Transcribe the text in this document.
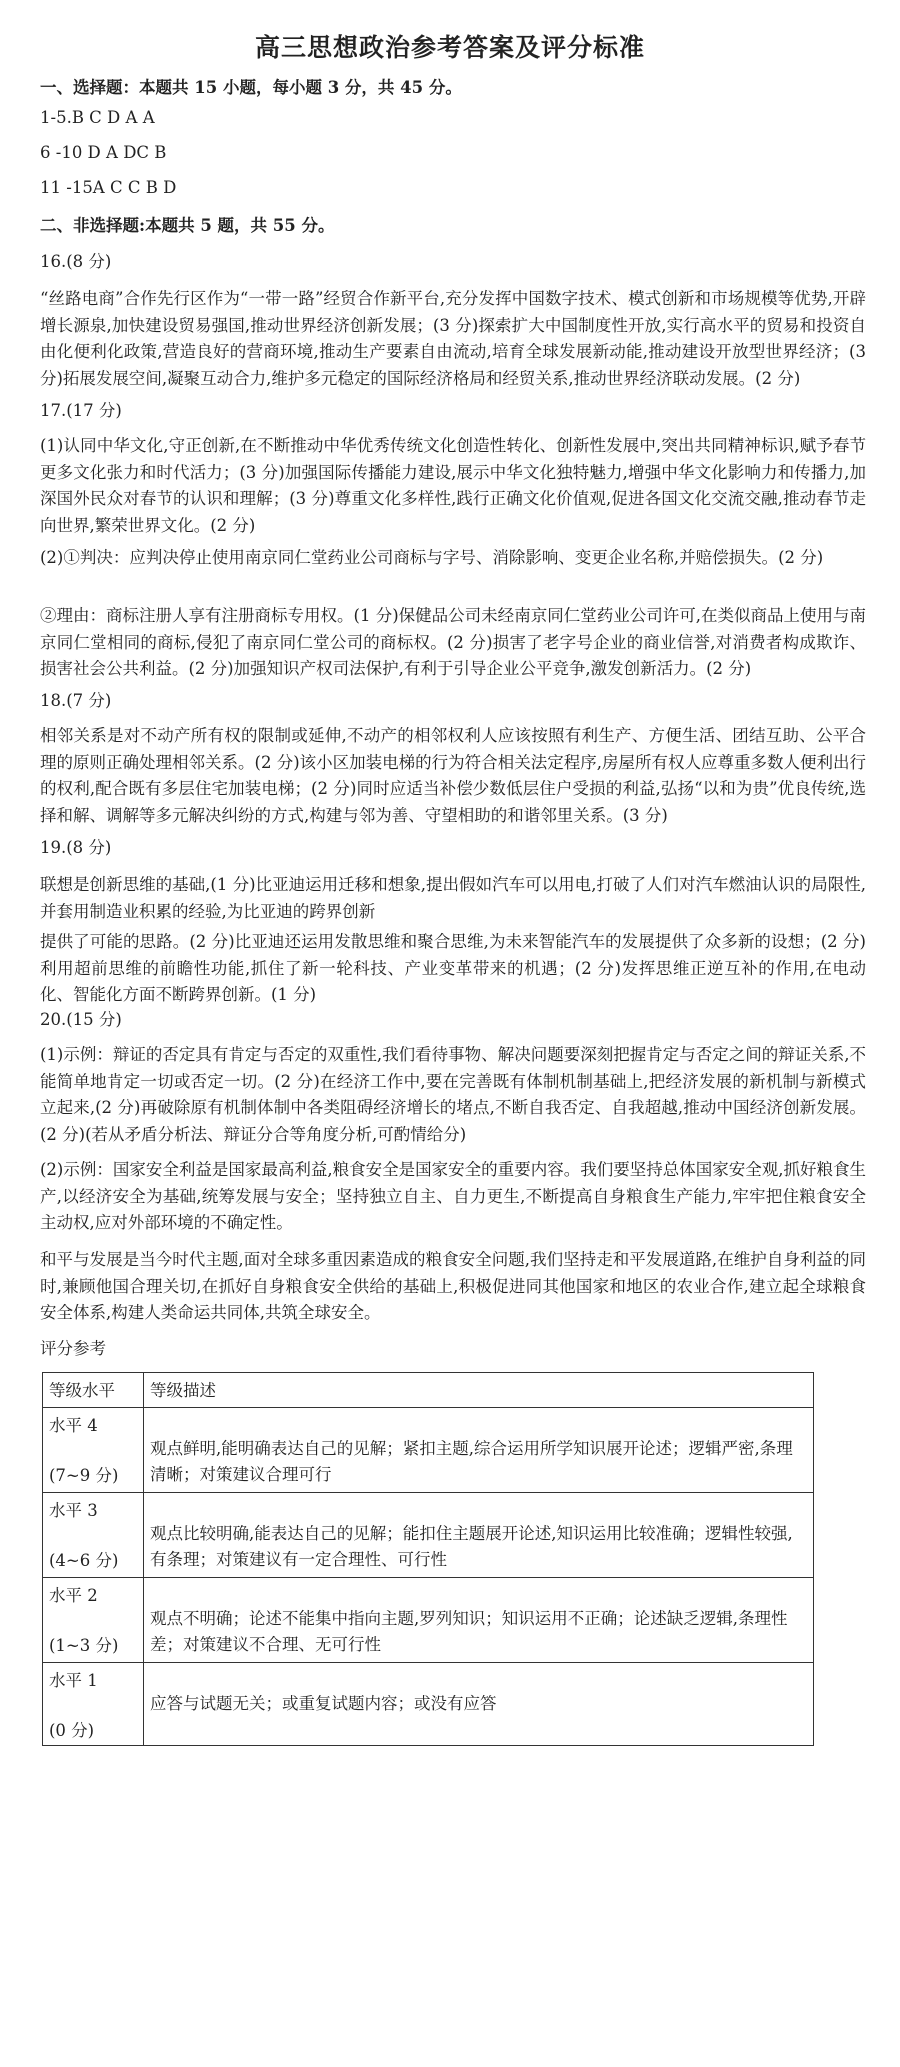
高三思想政治参考答案及评分标准
一、选择题：本题共 15 小题，每小题 3 分，共 45 分。
1-5.B C D A A
6 -10 D A DC B
11 -15A C C B D
二、非选择题:本题共 5 题，共 55 分。
16.(8 分)
“丝路电商”合作先行区作为“一带一路”经贸合作新平台,充分发挥中国数字技术、模式创新和市场规模等优势,开辟增长源泉,加快建设贸易强国,推动世界经济创新发展；(3 分)探索扩大中国制度性开放,实行高水平的贸易和投资自由化便利化政策,营造良好的营商环境,推动生产要素自由流动,培育全球发展新动能,推动建设开放型世界经济；(3 分)拓展发展空间,凝聚互动合力,维护多元稳定的国际经济格局和经贸关系,推动世界经济联动发展。(2 分)
17.(17 分)
(1)认同中华文化,守正创新,在不断推动中华优秀传统文化创造性转化、创新性发展中,突出共同精神标识,赋予春节更多文化张力和时代活力；(3 分)加强国际传播能力建设,展示中华文化独特魅力,增强中华文化影响力和传播力,加深国外民众对春节的认识和理解；(3 分)尊重文化多样性,践行正确文化价值观,促进各国文化交流交融,推动春节走向世界,繁荣世界文化。(2 分)
(2)①判决：应判决停止使用南京同仁堂药业公司商标与字号、消除影响、变更企业名称,并赔偿损失。(2 分)
②理由：商标注册人享有注册商标专用权。(1 分)保健品公司未经南京同仁堂药业公司许可,在类似商品上使用与南京同仁堂相同的商标,侵犯了南京同仁堂公司的商标权。(2 分)损害了老字号企业的商业信誉,对消费者构成欺诈、损害社会公共利益。(2 分)加强知识产权司法保护,有利于引导企业公平竞争,激发创新活力。(2 分)
18.(7 分)
相邻关系是对不动产所有权的限制或延伸,不动产的相邻权利人应该按照有利生产、方便生活、团结互助、公平合理的原则正确处理相邻关系。(2 分)该小区加装电梯的行为符合相关法定程序,房屋所有权人应尊重多数人便利出行的权利,配合既有多层住宅加装电梯；(2 分)同时应适当补偿少数低层住户受损的利益,弘扬“以和为贵”优良传统,选择和解、调解等多元解决纠纷的方式,构建与邻为善、守望相助的和谐邻里关系。(3 分)
19.(8 分)
联想是创新思维的基础,(1 分)比亚迪运用迁移和想象,提出假如汽车可以用电,打破了人们对汽车燃油认识的局限性,并套用制造业积累的经验,为比亚迪的跨界创新
提供了可能的思路。(2 分)比亚迪还运用发散思维和聚合思维,为未来智能汽车的发展提供了众多新的设想；(2 分)利用超前思维的前瞻性功能,抓住了新一轮科技、产业变革带来的机遇；(2 分)发挥思维正逆互补的作用,在电动化、智能化方面不断跨界创新。(1 分)
20.(15 分)
(1)示例：辩证的否定具有肯定与否定的双重性,我们看待事物、解决问题要深刻把握肯定与否定之间的辩证关系,不能简单地肯定一切或否定一切。(2 分)在经济工作中,要在完善既有体制机制基础上,把经济发展的新机制与新模式立起来,(2 分)再破除原有机制体制中各类阻碍经济增长的堵点,不断自我否定、自我超越,推动中国经济创新发展。(2 分)(若从矛盾分析法、辩证分合等角度分析,可酌情给分)
(2)示例：国家安全利益是国家最高利益,粮食安全是国家安全的重要内容。我们要坚持总体国家安全观,抓好粮食生产,以经济安全为基础,统筹发展与安全；坚持独立自主、自力更生,不断提高自身粮食生产能力,牢牢把住粮食安全主动权,应对外部环境的不确定性。
和平与发展是当今时代主题,面对全球多重因素造成的粮食安全问题,我们坚持走和平发展道路,在维护自身利益的同时,兼顾他国合理关切,在抓好自身粮食安全供给的基础上,积极促进同其他国家和地区的农业合作,建立起全球粮食安全体系,构建人类命运共同体,共筑全球安全。
评分参考
等级水平	等级描述

水平 4
(7~9 分)	观点鲜明,能明确表达自己的见解；紧扣主题,综合运用所学知识展开论述；逻辑严密,条理清晰；对策建议合理可行

水平 3
(4~6 分)	观点比较明确,能表达自己的见解；能扣住主题展开论述,知识运用比较准确；逻辑性较强,有条理；对策建议有一定合理性、可行性

水平 2
(1~3 分)	观点不明确；论述不能集中指向主题,罗列知识；知识运用不正确；论述缺乏逻辑,条理性差；对策建议不合理、无可行性

水平 1
(0 分)	应答与试题无关；或重复试题内容；或没有应答
